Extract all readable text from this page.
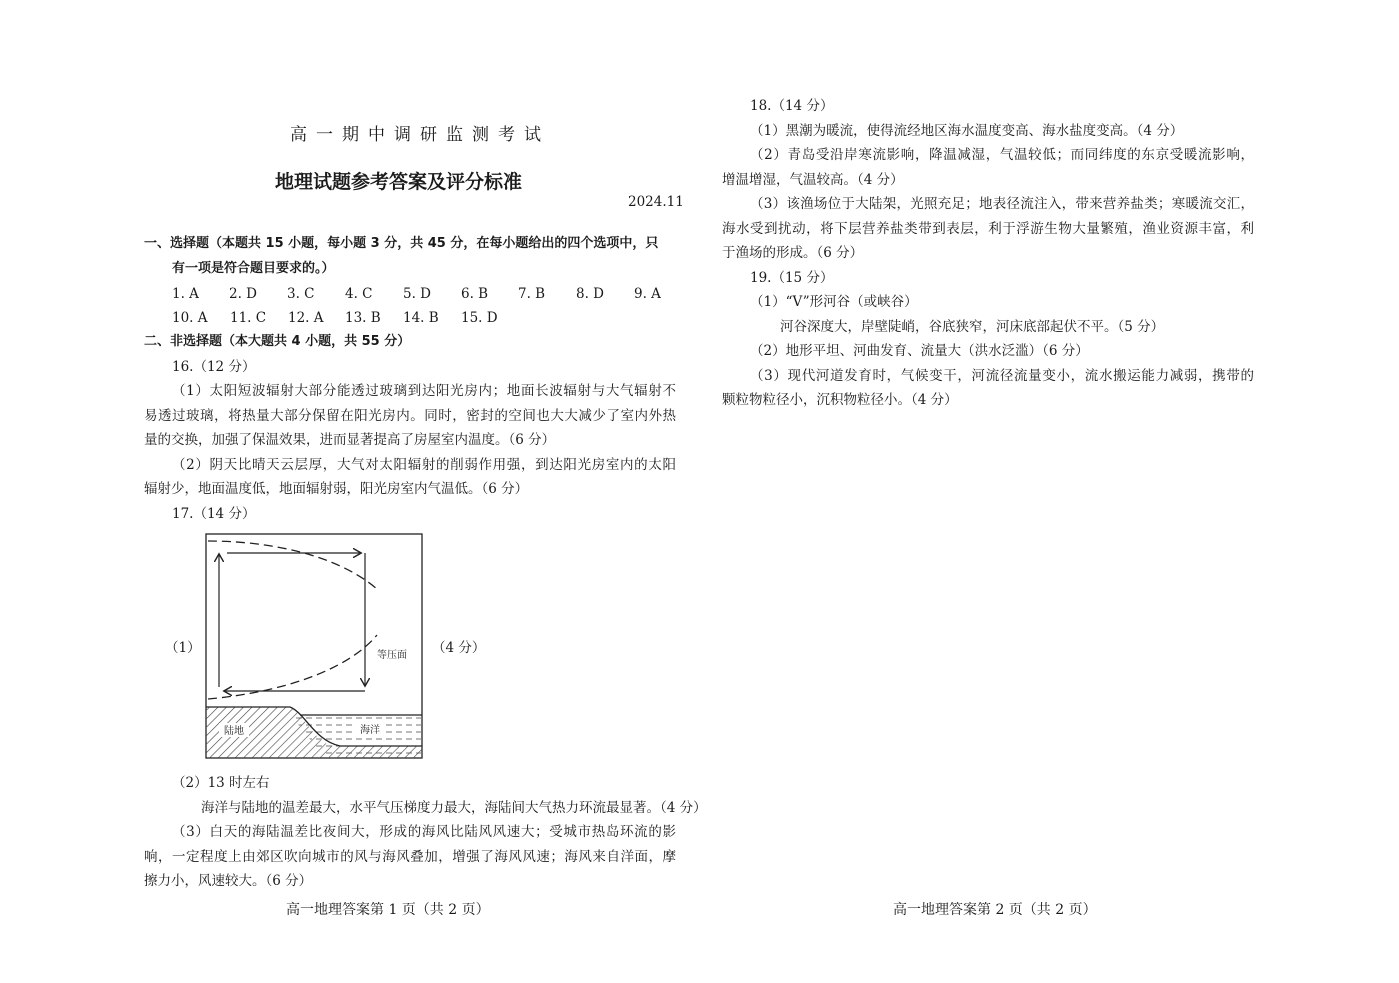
高一期中调研监测考试
地理试题参考答案及评分标准
2024.11
一、选择题（本题共 15 小题，每小题 3 分，共 45 分，在每小题给出的四个选项中，只
有一项是符合题目要求的。）
1. A 2. D 3. C 4. C 5. D 6. B 7. B 8. D 9. A
10. A 11. C 12. A 13. B 14. B 15. D
二、非选择题（本大题共 4 小题，共 55 分）
16.（12 分）
（1）太阳短波辐射大部分能透过玻璃到达阳光房内；地面长波辐射与大气辐射不
易透过玻璃，将热量大部分保留在阳光房内。同时，密封的空间也大大减少了室内外热
量的交换，加强了保温效果，进而显著提高了房屋室内温度。（6 分）
（2）阴天比晴天云层厚，大气对太阳辐射的削弱作用强，到达阳光房室内的太阳
辐射少，地面温度低，地面辐射弱，阳光房室内气温低。（6 分）
17.（14 分）
（1）
陆地	海洋
等压面 （4 分）
（2）13 时左右
海洋与陆地的温差最大，水平气压梯度力最大，海陆间大气热力环流最显著。（4 分）
（3）白天的海陆温差比夜间大，形成的海风比陆风风速大；受城市热岛环流的影
响，一定程度上由郊区吹向城市的风与海风叠加，增强了海风风速；海风来自洋面，摩
擦力小，风速较大。（6 分）
高一地理答案第 1 页（共 2 页）
18.（14 分）
（1）黑潮为暖流，使得流经地区海水温度变高、海水盐度变高。（4 分）
（2）青岛受沿岸寒流影响，降温减湿，气温较低；而同纬度的东京受暖流影响，
增温增湿，气温较高。（4 分）
（3）该渔场位于大陆架，光照充足；地表径流注入，带来营养盐类；寒暖流交汇，
海水受到扰动，将下层营养盐类带到表层，利于浮游生物大量繁殖，渔业资源丰富，利
于渔场的形成。（6 分）
19.（15 分）
（1）“V”形河谷（或峡谷）
河谷深度大，岸壁陡峭，谷底狭窄，河床底部起伏不平。（5 分）
（2）地形平坦、河曲发育、流量大（洪水泛滥）（6 分）
（3）现代河道发育时，气候变干，河流径流量变小，流水搬运能力减弱，携带的
颗粒物粒径小，沉积物粒径小。（4 分）
高一地理答案第 2 页（共 2 页）
